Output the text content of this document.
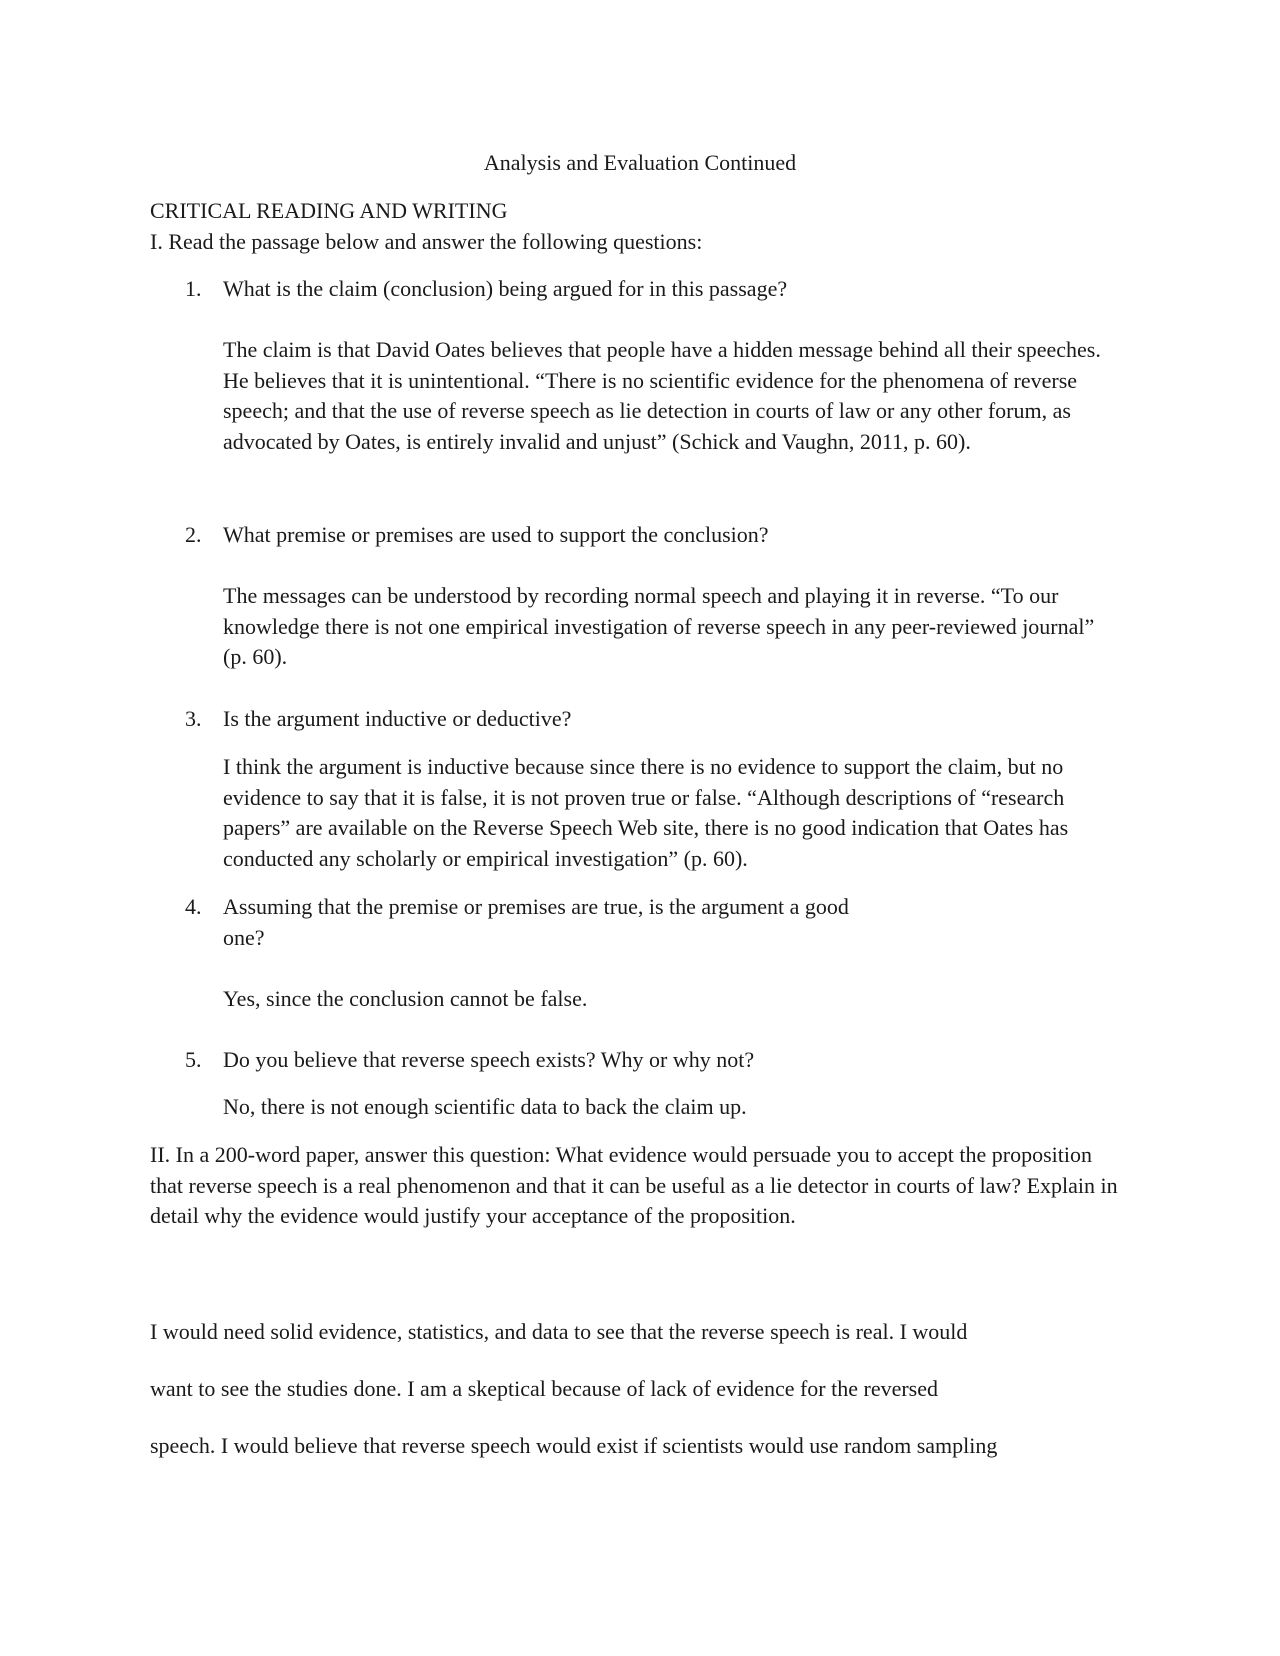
Analysis and Evaluation Continued
CRITICAL READING AND WRITING
I. Read the passage below and answer the following questions:
1. What is the claim (conclusion) being argued for in this passage?
The claim is that David Oates believes that people have a hidden message behind all their speeches. He believes that it is unintentional. “There is no scientific evidence for the phenomena of reverse speech; and that the use of reverse speech as lie detection in courts of law or any other forum, as advocated by Oates, is entirely invalid and unjust” (Schick and Vaughn, 2011, p. 60).
2. What premise or premises are used to support the conclusion?
The messages can be understood by recording normal speech and playing it in reverse. “To our knowledge there is not one empirical investigation of reverse speech in any peer-reviewed journal” (p. 60).
3. Is the argument inductive or deductive?
I think the argument is inductive because since there is no evidence to support the claim, but no evidence to say that it is false, it is not proven true or false. “Although descriptions of “research papers” are available on the Reverse Speech Web site, there is no good indication that Oates has conducted any scholarly or empirical investigation” (p. 60).
4. Assuming that the premise or premises are true, is the argument a good one?
Yes, since the conclusion cannot be false.
5. Do you believe that reverse speech exists? Why or why not?
No, there is not enough scientific data to back the claim up.
II. In a 200-word paper, answer this question: What evidence would persuade you to accept the proposition that reverse speech is a real phenomenon and that it can be useful as a lie detector in courts of law? Explain in detail why the evidence would justify your acceptance of the proposition.
I would need solid evidence, statistics, and data to see that the reverse speech is real. I would
want to see the studies done. I am a skeptical because of lack of evidence for the reversed
speech. I would believe that reverse speech would exist if scientists would use random sampling
